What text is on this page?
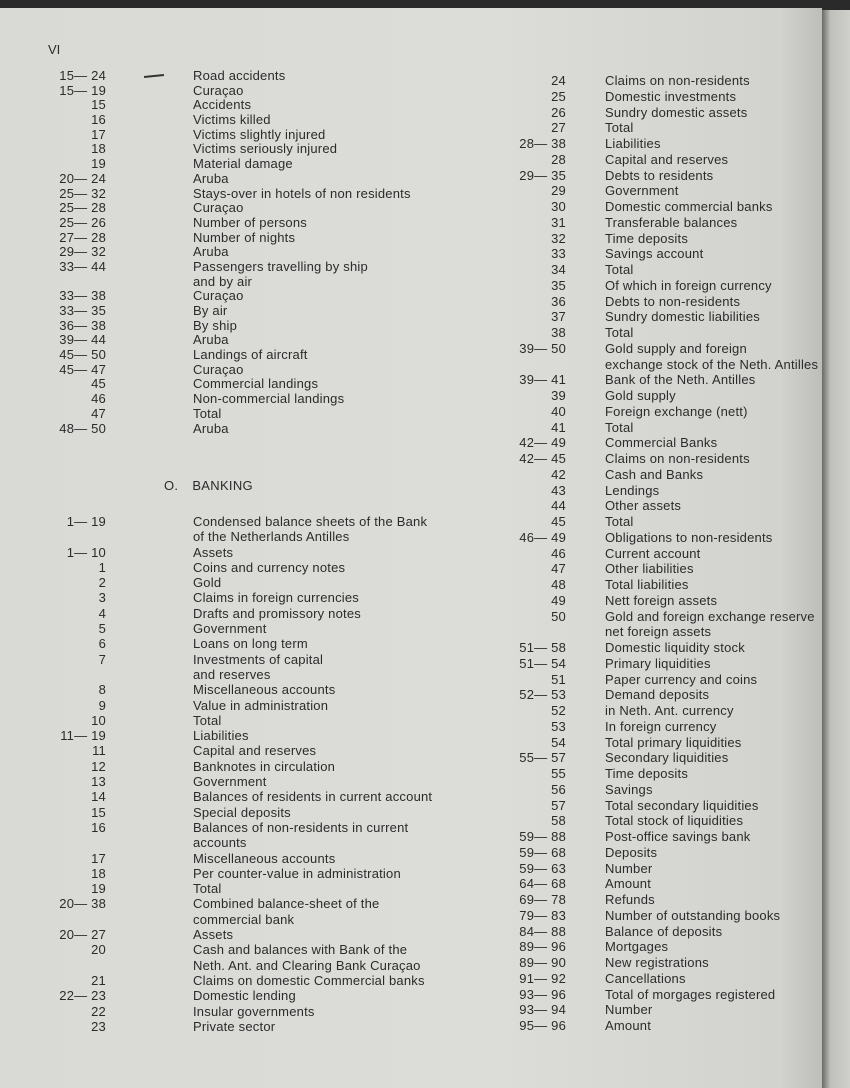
VI
15— 24	Road accidents
15— 19	Curaçao
15	Accidents
16	Victims killed
17	Victims slightly injured
18	Victims seriously injured
19	Material damage
20— 24	Aruba
25— 32	Stays-over in hotels of non residents
25— 28	Curaçao
25— 26	Number of persons
27— 28	Number of nights
29— 32	Aruba
33— 44	Passengers travelling by ship
and by air
33— 38	Curaçao
33— 35	By air
36— 38	By ship
39— 44	Aruba
45— 50	Landings of aircraft
45— 47	Curaçao
45	Commercial landings
46	Non-commercial landings
47	Total
48— 50	Aruba
O. BANKING
1— 19	Condensed balance sheets of the Bank
of the Netherlands Antilles
1— 10	Assets
1	Coins and currency notes
2	Gold
3	Claims in foreign currencies
4	Drafts and promissory notes
5	Government
6	Loans on long term
7	Investments of capital
and reserves
8	Miscellaneous accounts
9	Value in administration
10	Total
11— 19	Liabilities
11	Capital and reserves
12	Banknotes in circulation
13	Government
14	Balances of residents in current account
15	Special deposits
16	Balances of non-residents in current
accounts
17	Miscellaneous accounts
18	Per counter-value in administration
19	Total
20— 38	Combined balance-sheet of the
commercial bank
20— 27	Assets
20	Cash and balances with Bank of the
Neth. Ant. and Clearing Bank Curaçao
21	Claims on domestic Commercial banks
22— 23	Domestic lending
22	Insular governments
23	Private sector
24	Claims on non-residents
25	Domestic investments
26	Sundry domestic assets
27	Total
28— 38	Liabilities
28	Capital and reserves
29— 35	Debts to residents
29	Government
30	Domestic commercial banks
31	Transferable balances
32	Time deposits
33	Savings account
34	Total
35	Of which in foreign currency
36	Debts to non-residents
37	Sundry domestic liabilities
38	Total
39— 50	Gold supply and foreign
exchange stock of the Neth. Antilles
39— 41	Bank of the Neth. Antilles
39	Gold supply
40	Foreign exchange (nett)
41	Total
42— 49	Commercial Banks
42— 45	Claims on non-residents
42	Cash and Banks
43	Lendings
44	Other assets
45	Total
46— 49	Obligations to non-residents
46	Current account
47	Other liabilities
48	Total liabilities
49	Nett foreign assets
50	Gold and foreign exchange reserve
net foreign assets
51— 58	Domestic liquidity stock
51— 54	Primary liquidities
51	Paper currency and coins
52— 53	Demand deposits
52	in Neth. Ant. currency
53	In foreign currency
54	Total primary liquidities
55— 57	Secondary liquidities
55	Time deposits
56	Savings
57	Total secondary liquidities
58	Total stock of liquidities
59— 88	Post-office savings bank
59— 68	Deposits
59— 63	Number
64— 68	Amount
69— 78	Refunds
79— 83	Number of outstanding books
84— 88	Balance of deposits
89— 96	Mortgages
89— 90	New registrations
91— 92	Cancellations
93— 96	Total of morgages registered
93— 94	Number
95— 96	Amount
